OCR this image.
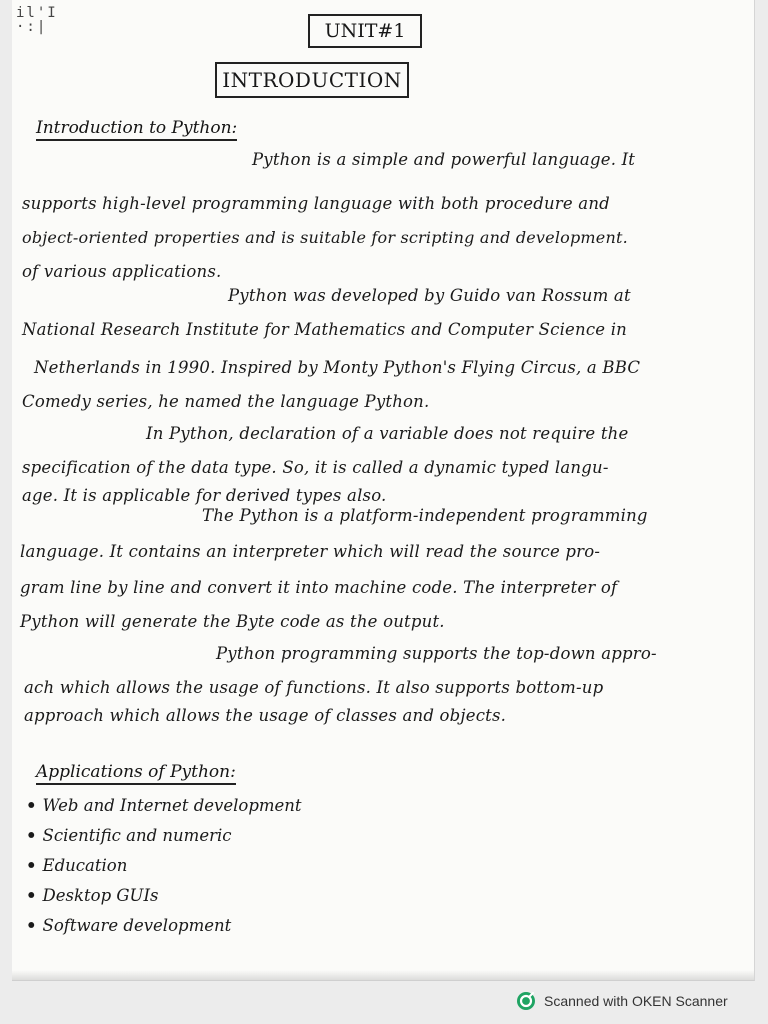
il'I
·:|	UNIT#1
INTRODUCTION
Introduction to Python:
Python is a simple and powerful language. It
supports high-level programming language with both procedure and
object-oriented properties and is suitable for scripting and development.
of various applications.
Python was developed by Guido van Rossum at
National Research Institute for Mathematics and Computer Science in
Netherlands in 1990. Inspired by Monty Python's Flying Circus, a BBC
Comedy series, he named the language Python.
In Python, declaration of a variable does not require the
specification of the data type. So, it is called a dynamic typed langu-
age. It is applicable for derived types also.
The Python is a platform-independent programming
language. It contains an interpreter which will read the source pro-
gram line by line and convert it into machine code. The interpreter of
Python will generate the Byte code as the output.
Python programming supports the top-down appro-
ach which allows the usage of functions. It also supports bottom-up
approach which allows the usage of classes and objects.
Applications of Python:
• Web and Internet development
• Scientific and numeric
• Education
• Desktop GUIs
• Software development
Scanned with OKEN Scanner
